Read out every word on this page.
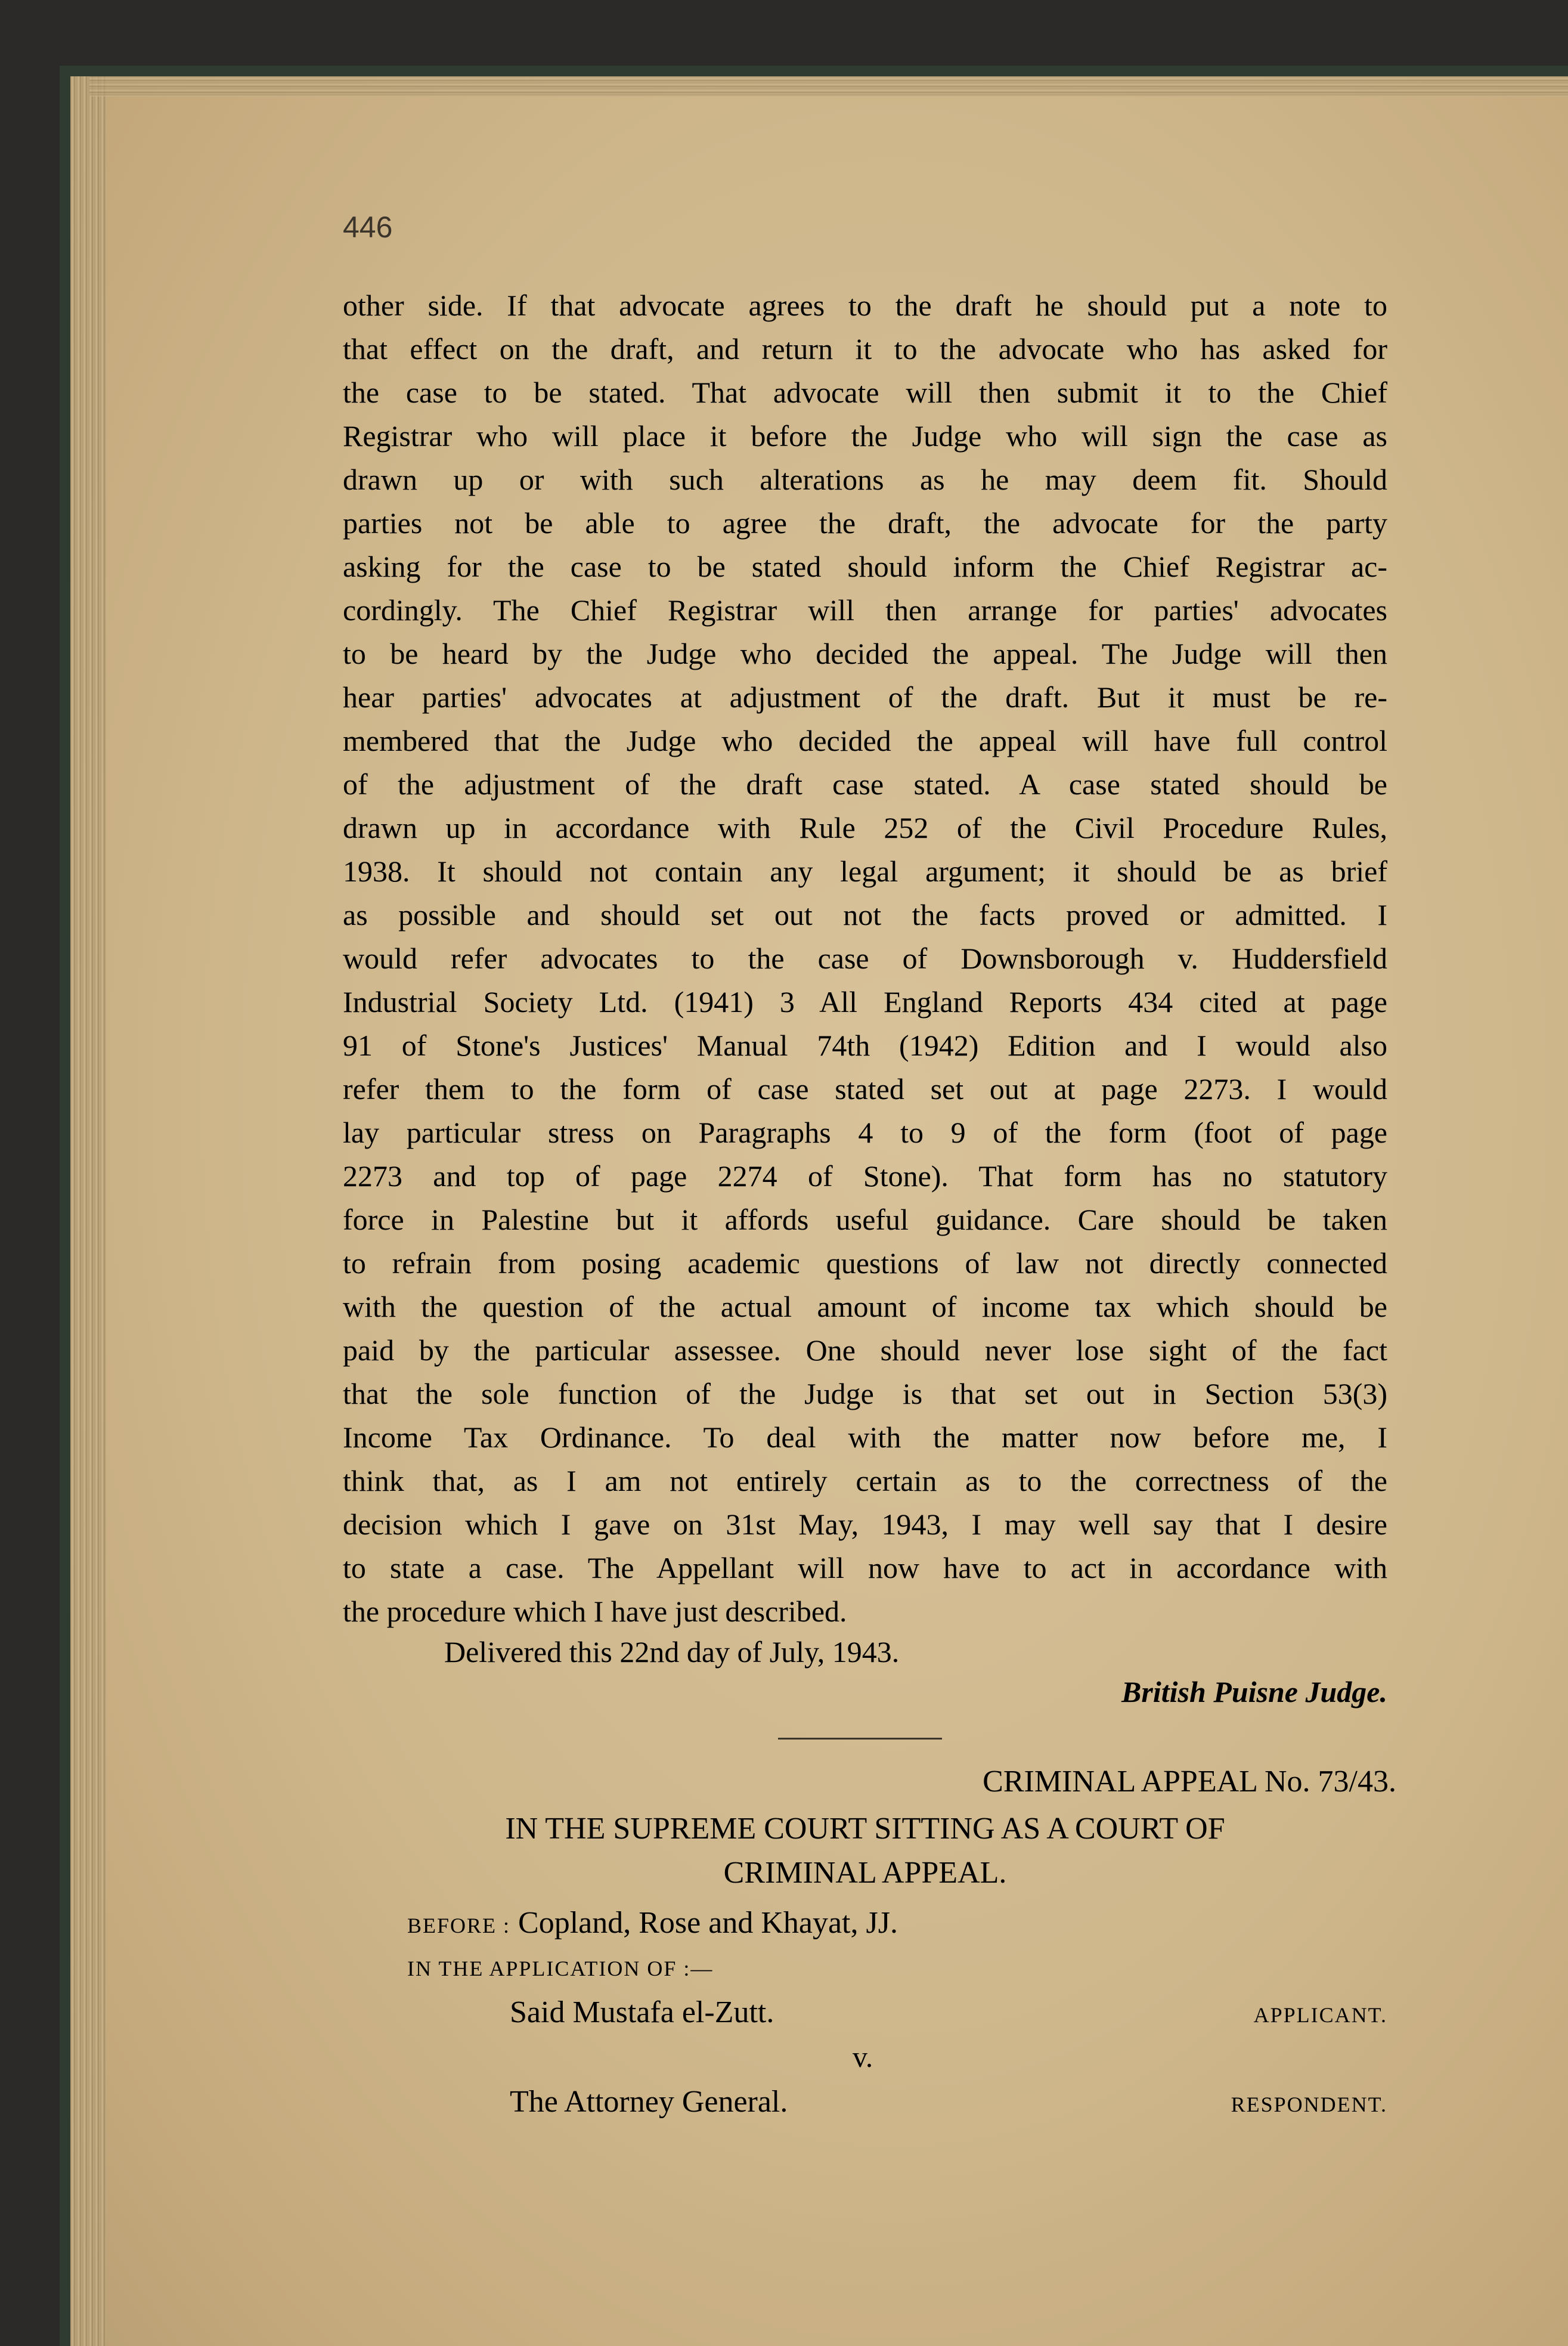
446
other side. If that advocate agrees to the draft he should put a note to
that effect on the draft, and return it to the advocate who has asked for
the case to be stated. That advocate will then submit it to the Chief
Registrar who will place it before the Judge who will sign the case as
drawn up or with such alterations as he may deem fit. Should
parties not be able to agree the draft, the advocate for the party
asking for the case to be stated should inform the Chief Registrar ac-
cordingly. The Chief Registrar will then arrange for parties' advocates
to be heard by the Judge who decided the appeal. The Judge will then
hear parties' advocates at adjustment of the draft. But it must be re-
membered that the Judge who decided the appeal will have full control
of the adjustment of the draft case stated. A case stated should be
drawn up in accordance with Rule 252 of the Civil Procedure Rules,
1938. It should not contain any legal argument; it should be as brief
as possible and should set out not the facts proved or admitted. I
would refer advocates to the case of Downsborough v. Huddersfield
Industrial Society Ltd. (1941) 3 All England Reports 434 cited at page
91 of Stone's Justices' Manual 74th (1942) Edition and I would also
refer them to the form of case stated set out at page 2273. I would
lay particular stress on Paragraphs 4 to 9 of the form (foot of page
2273 and top of page 2274 of Stone). That form has no statutory
force in Palestine but it affords useful guidance. Care should be taken
to refrain from posing academic questions of law not directly connected
with the question of the actual amount of income tax which should be
paid by the particular assessee. One should never lose sight of the fact
that the sole function of the Judge is that set out in Section 53(3)
Income Tax Ordinance. To deal with the matter now before me, I
think that, as I am not entirely certain as to the correctness of the
decision which I gave on 31st May, 1943, I may well say that I desire
to state a case. The Appellant will now have to act in accordance with
the procedure which I have just described.
Delivered this 22nd day of July, 1943.
British Puisne Judge.
CRIMINAL APPEAL No. 73/43.
IN THE SUPREME COURT SITTING AS A COURT OF
CRIMINAL APPEAL.
BEFORE : Copland, Rose and Khayat, JJ.
IN THE APPLICATION OF :—
Said Mustafa el-Zutt.	APPLICANT.
v.
The Attorney General.	RESPONDENT.
